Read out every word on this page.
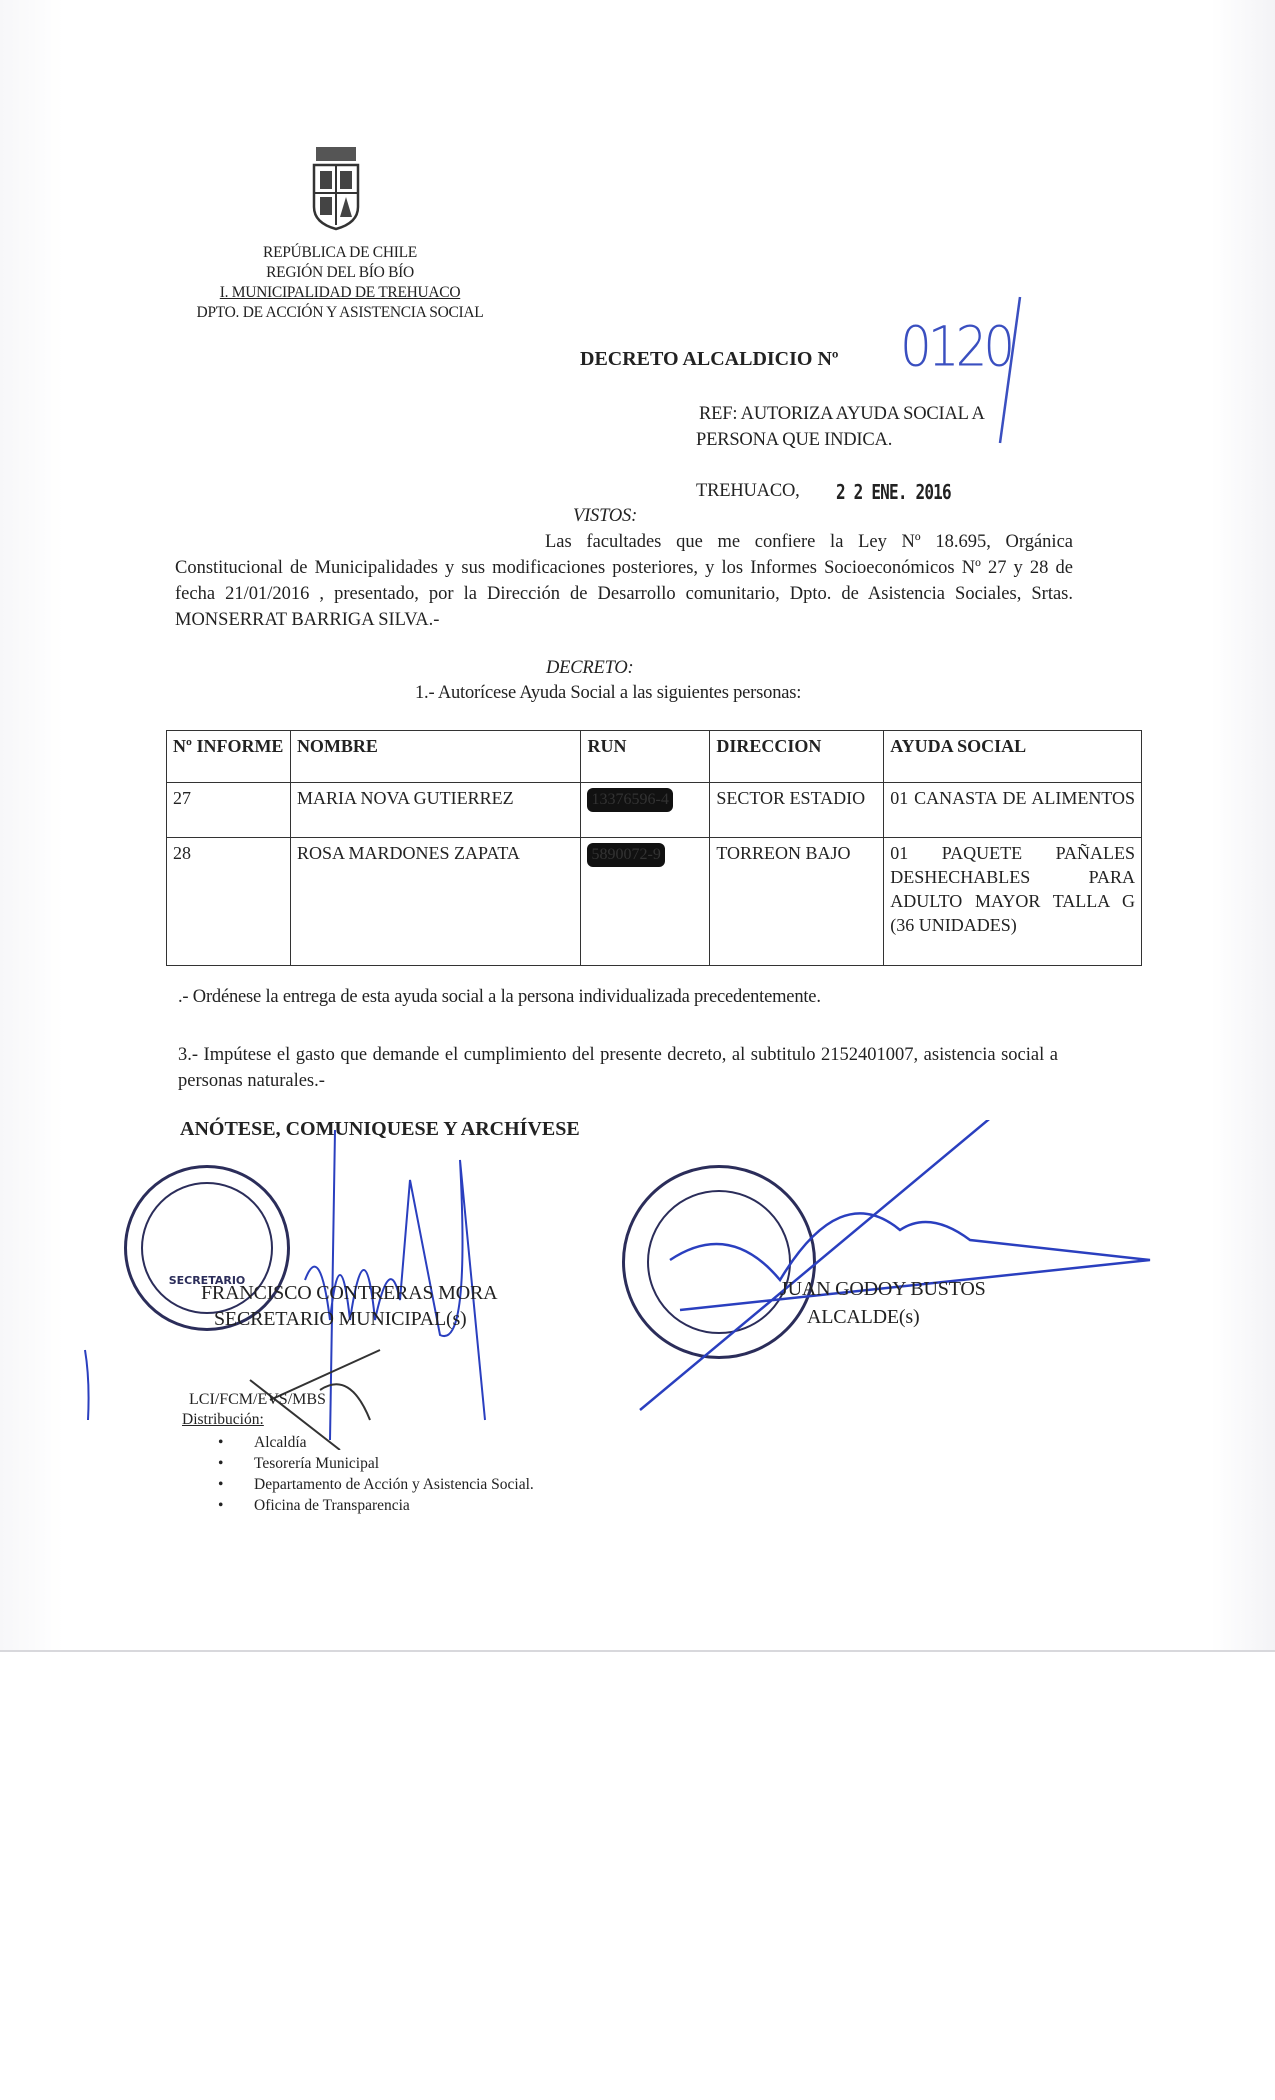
REPÚBLICA DE CHILE
REGIÓN DEL BÍO BÍO
I. MUNICIPALIDAD DE TREHUACO
DPTO. DE ACCIÓN Y ASISTENCIA SOCIAL
DECRETO ALCALDICIO Nº 0120
REF: AUTORIZA AYUDA SOCIAL A
PERSONA QUE INDICA.
TREHUACO, 2 2 ENE. 2016
VISTOS:
Las facultades que me confiere la Ley Nº 18.695, Orgánica Constitucional de Municipalidades y sus modificaciones posteriores, y los Informes Socioeconómicos Nº 27 y 28 de fecha 21/01/2016 , presentado, por la Dirección de Desarrollo comunitario, Dpto. de Asistencia Sociales, Srtas. MONSERRAT BARRIGA SILVA.-
DECRETO:
1.- Autorícese Ayuda Social a las siguientes personas:
Nº INFORME	NOMBRE	RUN	DIRECCION	AYUDA SOCIAL
27	MARIA NOVA GUTIERREZ	13376596-4	SECTOR ESTADIO	01 CANASTA DE ALIMENTOS
28	ROSA MARDONES ZAPATA	5890072-9	TORREON BAJO	01 PAQUETE PAÑALES DESHECHABLES PARA ADULTO MAYOR TALLA G (36 UNIDADES)
.- Ordénese la entrega de esta ayuda social a la persona individualizada precedentemente.
3.- Impútese el gasto que demande el cumplimiento del presente decreto, al subtitulo 2152401007, asistencia social a personas naturales.-
ANÓTESE, COMUNIQUESE Y ARCHÍVESE
SECRETARIO
FRANCISCO CONTRERAS MORA
SECRETARIO MUNICIPAL(s)
JUAN GODOY BUSTOS
ALCALDE(s)
LCI/FCM/EVS/MBS
Distribución:
• Alcaldía
• Tesorería Municipal
• Departamento de Acción y Asistencia Social.
• Oficina de Transparencia
